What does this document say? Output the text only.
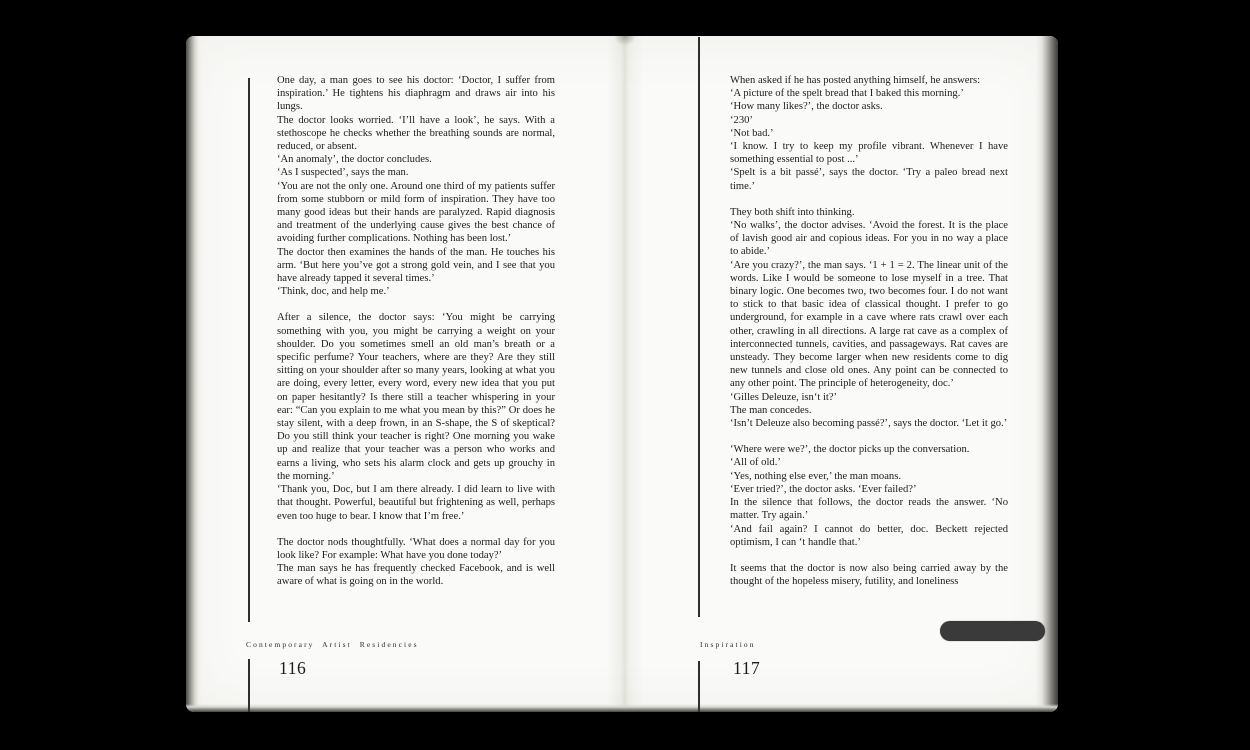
One day, a man goes to see his doctor: ‘Doctor, I suffer from inspiration.’ He tightens his diaphragm and draws air into his lungs.

The doctor looks worried. ‘I’ll have a look’, he says. With a stethoscope he checks whether the breathing sounds are normal, reduced, or absent.

‘An anomaly’, the doctor concludes.

‘As I suspected’, says the man.

‘You are not the only one. Around one third of my patients suffer from some stubborn or mild form of inspiration. They have too many good ideas but their hands are paralyzed. Rapid diagnosis and treatment of the underlying cause gives the best chance of avoiding further complications. Nothing has been lost.’

The doctor then examines the hands of the man. He touches his arm. ‘But here you’ve got a strong gold vein, and I see that you have already tapped it several times.’

‘Think, doc, and help me.’

After a silence, the doctor says: ‘You might be carrying something with you, you might be carrying a weight on your shoulder. Do you sometimes smell an old man’s breath or a specific perfume? Your teachers, where are they? Are they still sitting on your shoulder after so many years, looking at what you are doing, every letter, every word, every new idea that you put on paper hesitantly? Is there still a teacher whispering in your ear: “Can you explain to me what you mean by this?” Or does he stay silent, with a deep frown, in an S-shape, the S of skeptical? Do you still think your teacher is right? One morning you wake up and realize that your teacher was a person who works and earns a living, who sets his alarm clock and gets up grouchy in the morning.’

‘Thank you, Doc, but I am there already. I did learn to live with that thought. Powerful, beautiful but frightening as well, perhaps even too huge to bear. I know that I’m free.’

The doctor nods thoughtfully. ‘What does a normal day for you look like? For example: What have you done today?’

The man says he has frequently checked Facebook, and is well aware of what is going on in the world.

When asked if he has posted anything himself, he answers:

‘A picture of the spelt bread that I baked this morning.’

‘How many likes?’, the doctor asks.

‘230’

‘Not bad.’

‘I know. I try to keep my profile vibrant. Whenever I have something essential to post ...’

‘Spelt is a bit passé’, says the doctor. ‘Try a paleo bread next time.’

They both shift into thinking.

‘No walks’, the doctor advises. ‘Avoid the forest. It is the place of lavish good air and copious ideas. For you in no way a place to abide.’

‘Are you crazy?’, the man says. ‘1 + 1 = 2. The linear unit of the words. Like I would be someone to lose myself in a tree. That binary logic. One becomes two, two becomes four. I do not want to stick to that basic idea of classical thought. I prefer to go underground, for example in a cave where rats crawl over each other, crawling in all directions. A large rat cave as a complex of interconnected tunnels, cavities, and passageways. Rat caves are unsteady. They become larger when new residents come to dig new tunnels and close old ones. Any point can be connected to any other point. The principle of heterogeneity, doc.’

‘Gilles Deleuze, isn‘t it?’

The man concedes.

‘Isn’t Deleuze also becoming passé?’, says the doctor. ‘Let it go.’

‘Where were we?’, the doctor picks up the conversation.

‘All of old.’

‘Yes, nothing else ever,’ the man moans.

‘Ever tried?’, the doctor asks. ‘Ever failed?’

In the silence that follows, the doctor reads the answer. ‘No matter. Try again.’

‘And fail again? I cannot do better, doc. Beckett rejected optimism, I can ‘t handle that.’

It seems that the doctor is now also being carried away by the thought of the hopeless misery, futility, and loneliness

Contemporary Artist Residencies
116
Inspiration
117
